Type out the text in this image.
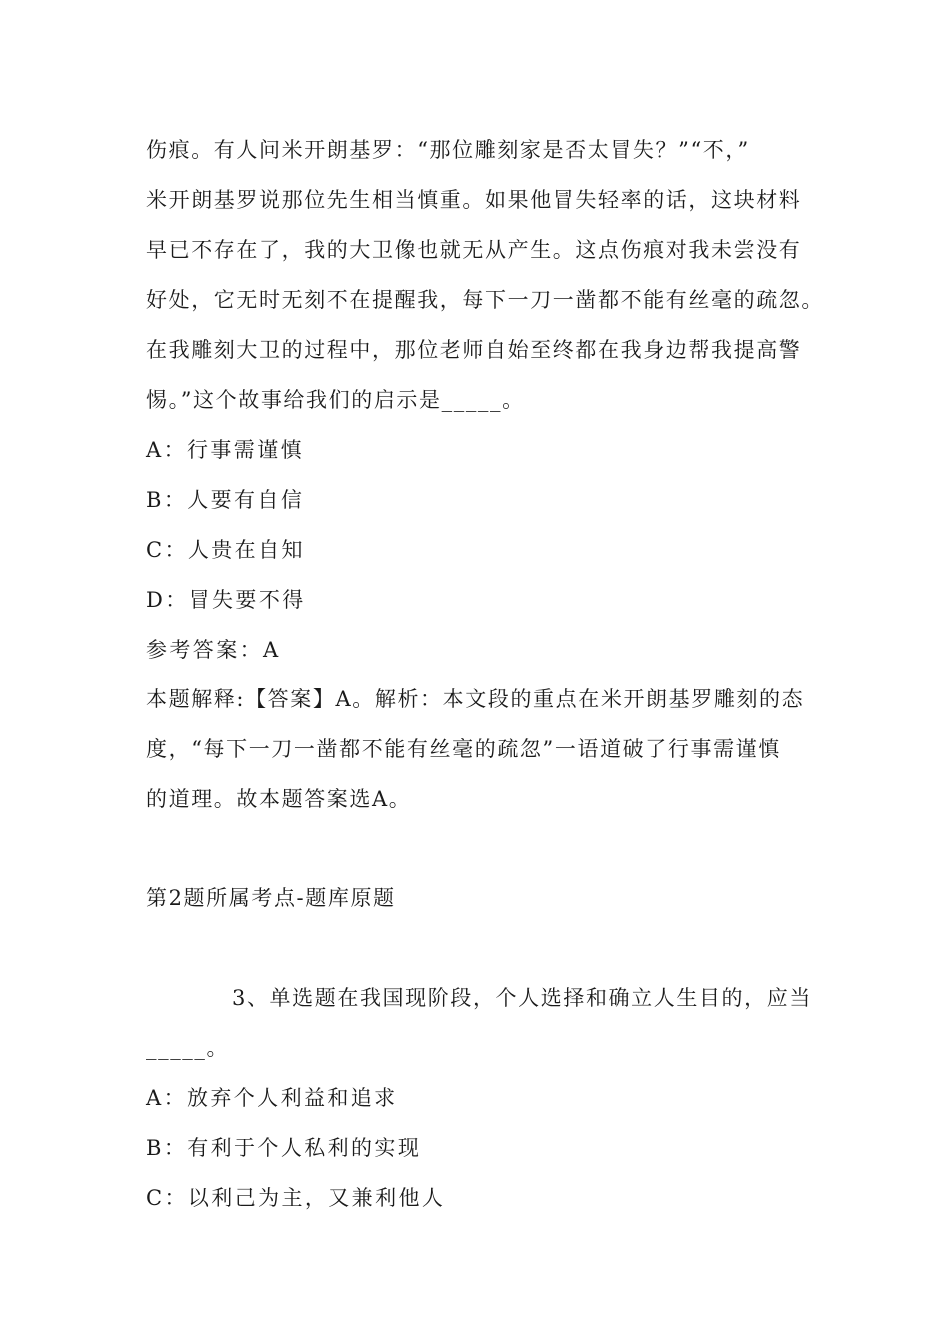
伤痕。有人问米开朗基罗：“那位雕刻家是否太冒失？”“不，”
米开朗基罗说那位先生相当慎重。如果他冒失轻率的话，这块材料
早已不存在了，我的大卫像也就无从产生。这点伤痕对我未尝没有
好处，它无时无刻不在提醒我，每下一刀一凿都不能有丝毫的疏忽。
在我雕刻大卫的过程中，那位老师自始至终都在我身边帮我提高警
惕。”这个故事给我们的启示是_____。
A：行事需谨慎
B：人要有自信
C：人贵在自知
D：冒失要不得
参考答案：A
本题解释:【答案】A。解析：本文段的重点在米开朗基罗雕刻的态
度，“每下一刀一凿都不能有丝毫的疏忽”一语道破了行事需谨慎
的道理。故本题答案选A。
第2题所属考点-题库原题
3、单选题在我国现阶段，个人选择和确立人生目的，应当
_____。
A：放弃个人利益和追求
B：有利于个人私利的实现
C：以利己为主，又兼利他人
